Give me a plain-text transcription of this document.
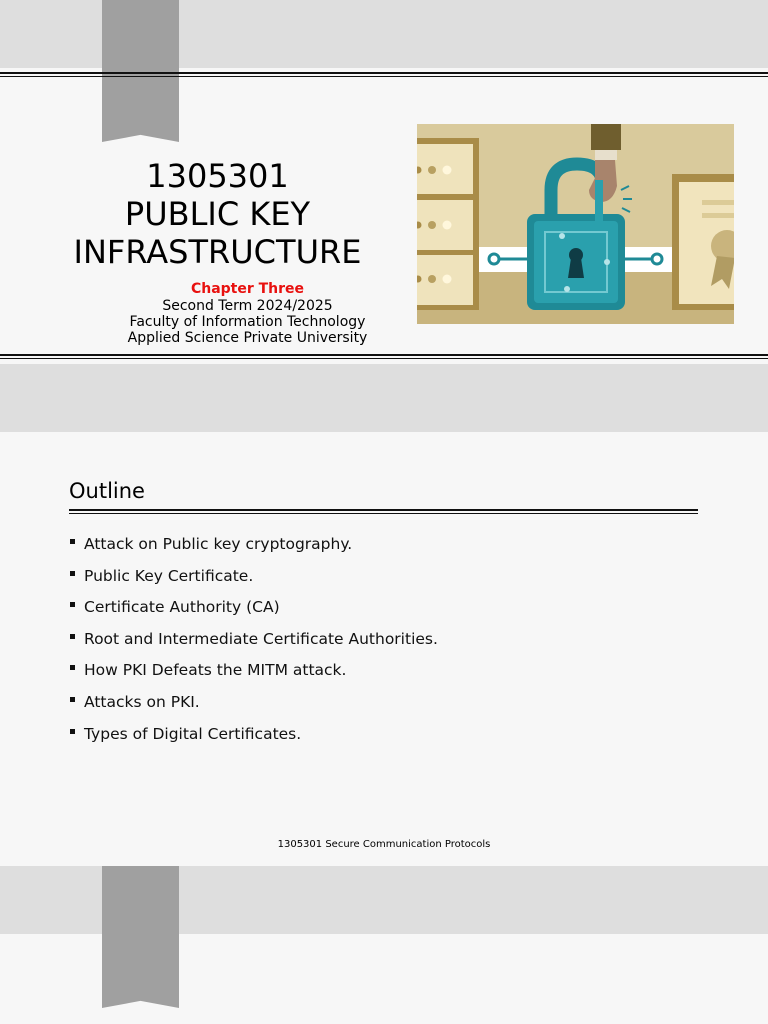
1305301
PUBLIC KEY
INFRASTRUCTURE
Chapter Three
Second Term 2024/2025
Faculty of Information Technology
Applied Science Private University
Outline
Attack on Public key cryptography.
Public Key Certificate.
Certificate Authority (CA)
Root and Intermediate Certificate Authorities.
How PKI Defeats the MITM attack.
Attacks on PKI.
Types of Digital Certificates.
1305301 Secure Communication Protocols
